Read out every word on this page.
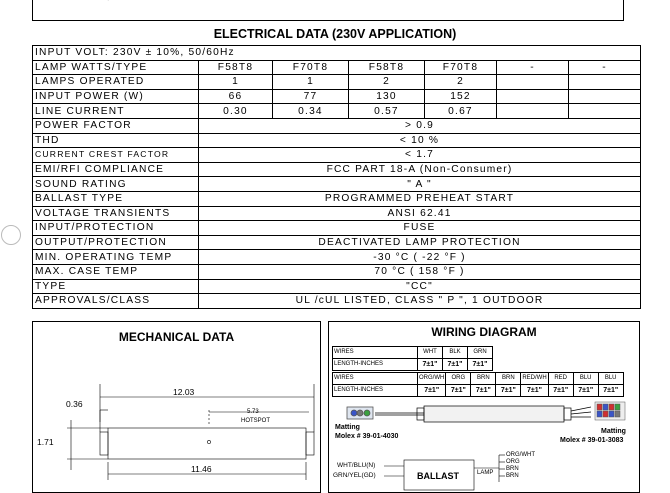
ELECTRICAL DATA (230V APPLICATION)
INPUT VOLT: 230V ± 10%, 50/60Hz						
LAMP WATTS/TYPE	F58T8	F70T8	F58T8	F70T8	-	-
LAMPS OPERATED	1	1	2	2		
INPUT POWER (W)	66	77	130	152		
LINE CURRENT	0.30	0.34	0.57	0.67		
POWER FACTOR	> 0.9					
THD	< 10 %					
CURRENT CREST FACTOR	< 1.7					
EMI/RFI COMPLIANCE	FCC PART 18-A (Non-Consumer)					
SOUND RATING	" A "					
BALLAST TYPE	PROGRAMMED PREHEAT START					
VOLTAGE TRANSIENTS	ANSI 62.41					
INPUT/PROTECTION	FUSE					
OUTPUT/PROTECTION	DEACTIVATED LAMP PROTECTION					
MIN. OPERATING TEMP	-30 °C ( -22 °F )					
MAX. CASE TEMP	70 °C ( 158 °F )					
TYPE	"CC"					
APPROVALS/CLASS	UL /cUL LISTED, CLASS " P ", 1 OUTDOOR					
MECHANICAL DATA
12.03
0.36
5.73
HOTSPOT
1.71
11.46
WIRING DIAGRAM
WIRES	WHT	BLK	GRN
LENGTH-INCHES	7±1"	7±1"	7±1"
WIRES	ORG/WH	ORG	BRN	BRN	RED/WH	RED	BLU	BLU
LENGTH-INCHES	7±1"	7±1"	7±1"	7±1"	7±1"	7±1"	7±1"	7±1"
Matting
Molex # 39-01-4030
Matting
Molex # 39-01-3083
WHT/BLU(N)
GRN/YEL(GD)	BALLAST	LAMP
ORG/WHT
ORG
BRN
BRN
